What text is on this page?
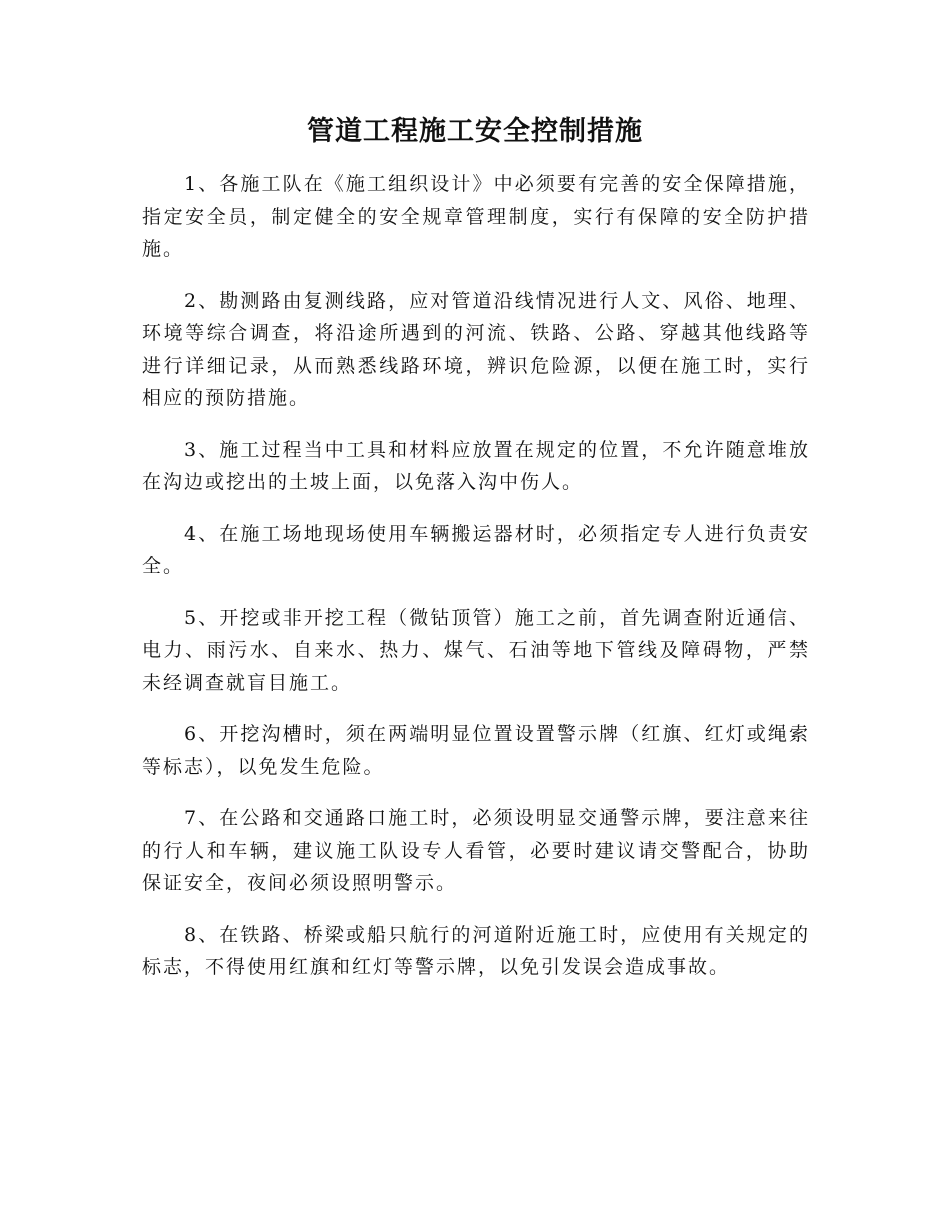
管道工程施工安全控制措施

1、各施工队在《施工组织设计》中必须要有完善的安全保障措施，指定安全员，制定健全的安全规章管理制度，实行有保障的安全防护措施。

2、勘测路由复测线路，应对管道沿线情况进行人文、风俗、地理、环境等综合调查，将沿途所遇到的河流、铁路、公路、穿越其他线路等进行详细记录，从而熟悉线路环境，辨识危险源，以便在施工时，实行相应的预防措施。

3、施工过程当中工具和材料应放置在规定的位置，不允许随意堆放在沟边或挖出的土坡上面，以免落入沟中伤人。

4、在施工场地现场使用车辆搬运器材时，必须指定专人进行负责安全。

5、开挖或非开挖工程（微钻顶管）施工之前，首先调查附近通信、电力、雨污水、自来水、热力、煤气、石油等地下管线及障碍物，严禁未经调查就盲目施工。

6、开挖沟槽时，须在两端明显位置设置警示牌（红旗、红灯或绳索等标志），以免发生危险。

7、在公路和交通路口施工时，必须设明显交通警示牌，要注意来往的行人和车辆，建议施工队设专人看管，必要时建议请交警配合，协助保证安全，夜间必须设照明警示。

8、在铁路、桥梁或船只航行的河道附近施工时，应使用有关规定的标志，不得使用红旗和红灯等警示牌，以免引发误会造成事故。
